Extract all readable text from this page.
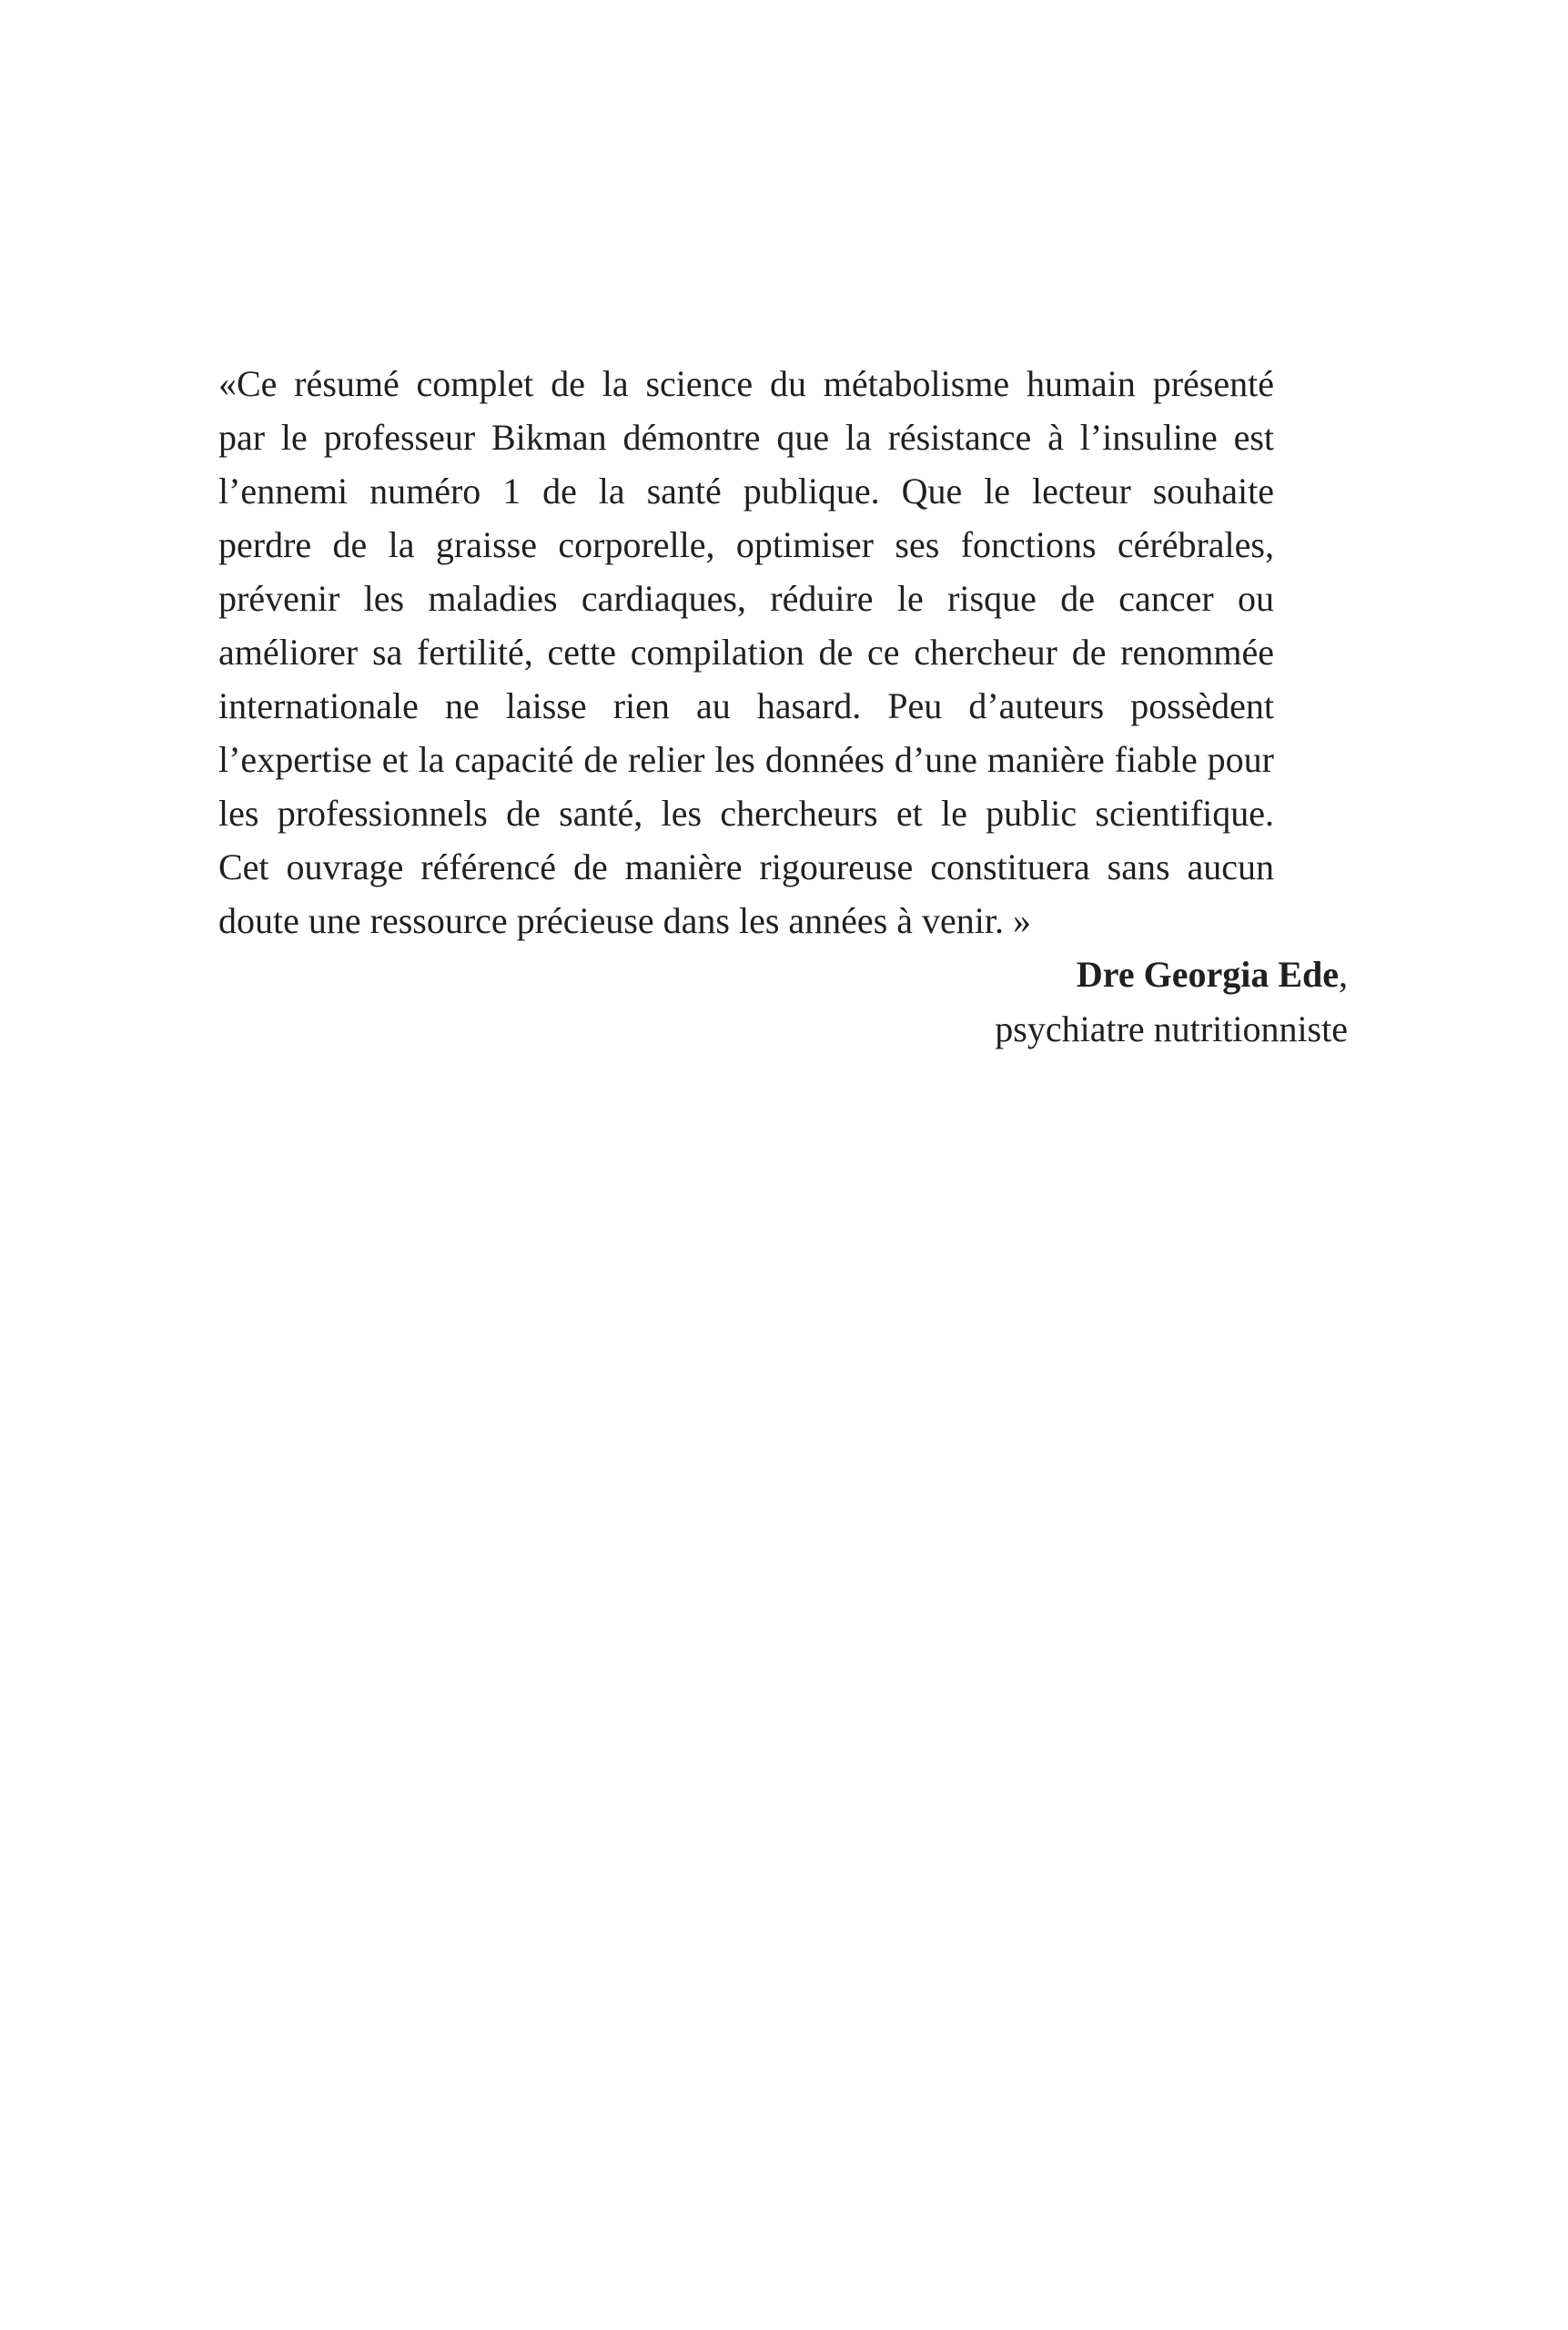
«Ce résumé complet de la science du métabolisme humain présenté
par le professeur Bikman démontre que la résistance à l’insuline est
l’ennemi numéro 1 de la santé publique. Que le lecteur souhaite
perdre de la graisse corporelle, optimiser ses fonctions cérébrales,
prévenir les maladies cardiaques, réduire le risque de cancer ou
améliorer sa fertilité, cette compilation de ce chercheur de renommée
internationale ne laisse rien au hasard. Peu d’auteurs possèdent
l’expertise et la capacité de relier les données d’une manière fiable pour
les professionnels de santé, les chercheurs et le public scientifique.
Cet ouvrage référencé de manière rigoureuse constituera sans aucun
doute une ressource précieuse dans les années à venir. »
Dre Georgia Ede,
psychiatre nutritionniste
